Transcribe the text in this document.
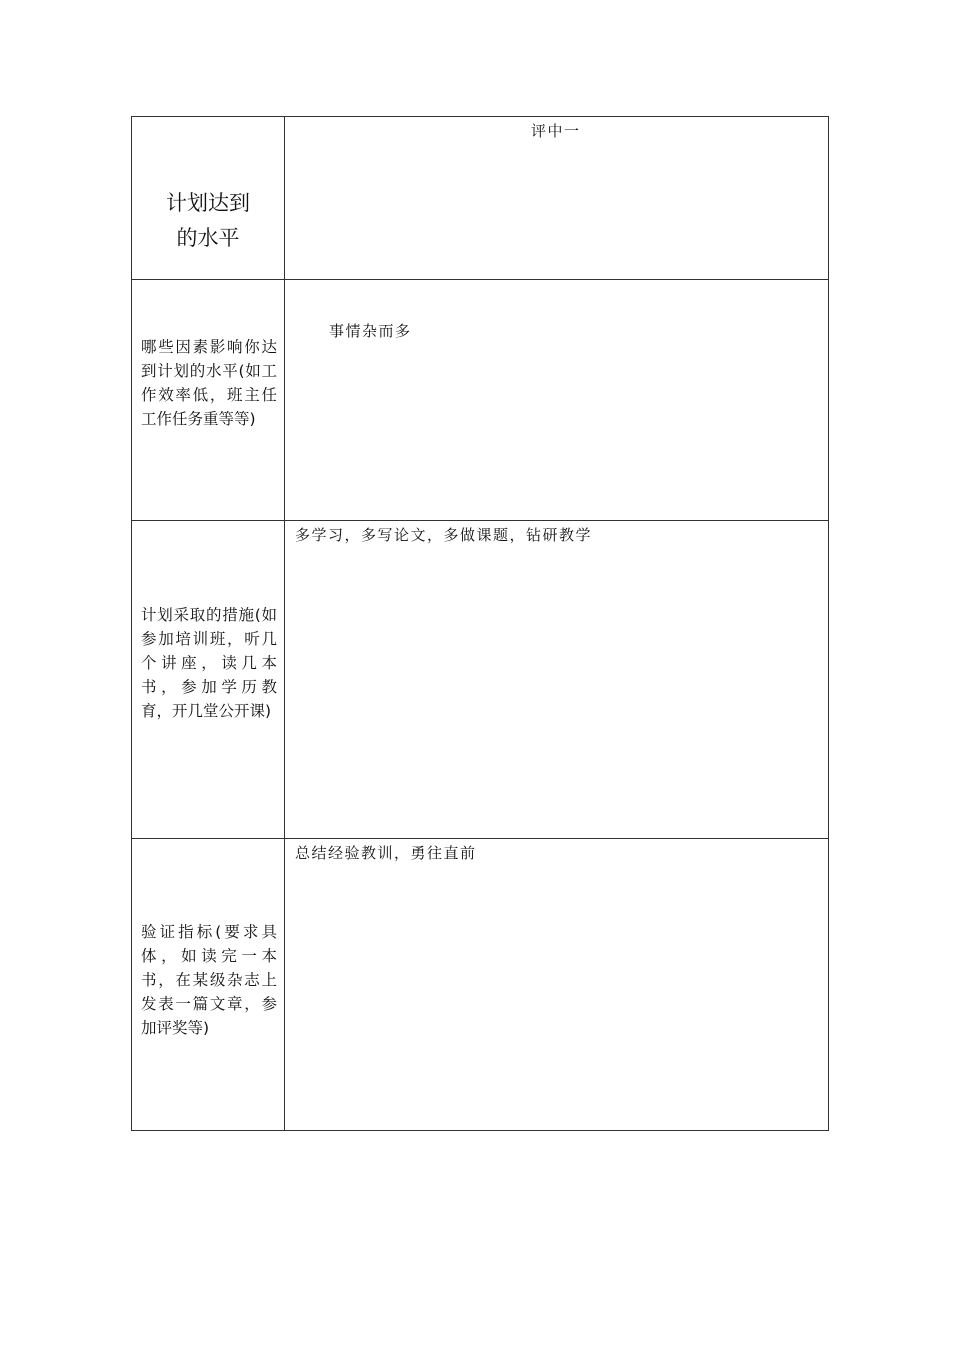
计划达到
的水平
评中一
哪些因素影响你达到计划的水平(如工作效率低，班主任工作任务重等等)
事情杂而多
计划采取的措施(如参加培训班，听几个讲座，读几本书，参加学历教育，开几堂公开课)
多学习，多写论文，多做课题，钻研教学
验证指标(要求具体，如读完一本书，在某级杂志上发表一篇文章，参加评奖等)
总结经验教训，勇往直前
